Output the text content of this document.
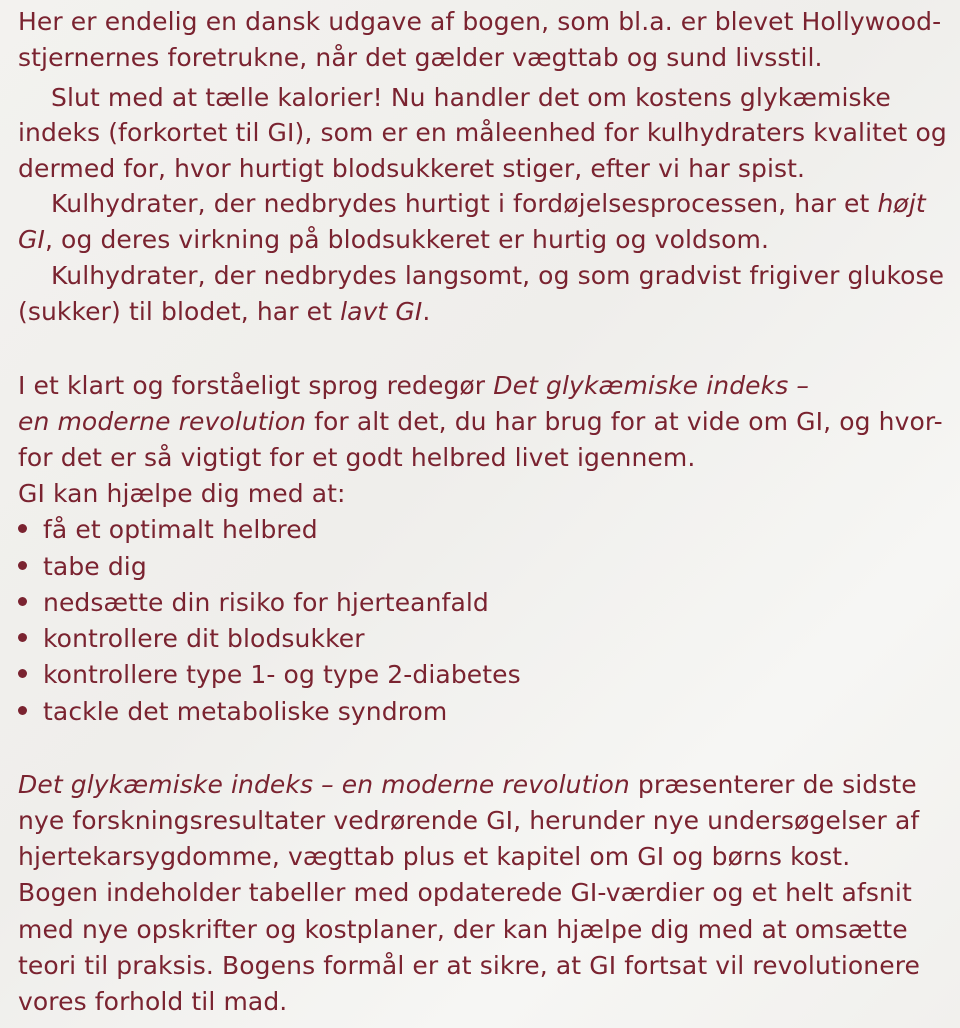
Her er endelig en dansk udgave af bogen, som bl.a. er blevet Hollywood-
stjernernes foretrukne, når det gælder vægttab og sund livsstil.
Slut med at tælle kalorier! Nu handler det om kostens glykæmiske
indeks (forkortet til GI), som er en måleenhed for kulhydraters kvalitet og
dermed for, hvor hurtigt blodsukkeret stiger, efter vi har spist.
Kulhydrater, der nedbrydes hurtigt i fordøjelsesprocessen, har et højt
GI, og deres virkning på blodsukkeret er hurtig og voldsom.
Kulhydrater, der nedbrydes langsomt, og som gradvist frigiver glukose
(sukker) til blodet, har et lavt GI.
I et klart og forståeligt sprog redegør Det glykæmiske indeks –
en moderne revolution for alt det, du har brug for at vide om GI, og hvor-
for det er så vigtigt for et godt helbred livet igennem.
GI kan hjælpe dig med at:
få et optimalt helbred
tabe dig
nedsætte din risiko for hjerteanfald
kontrollere dit blodsukker
kontrollere type 1- og type 2-diabetes
tackle det metaboliske syndrom
Det glykæmiske indeks – en moderne revolution præsenterer de sidste
nye forskningsresultater vedrørende GI, herunder nye undersøgelser af
hjertekarsygdomme, vægttab plus et kapitel om GI og børns kost.
Bogen indeholder tabeller med opdaterede GI-værdier og et helt afsnit
med nye opskrifter og kostplaner, der kan hjælpe dig med at omsætte
teori til praksis. Bogens formål er at sikre, at GI fortsat vil revolutionere
vores forhold til mad.
